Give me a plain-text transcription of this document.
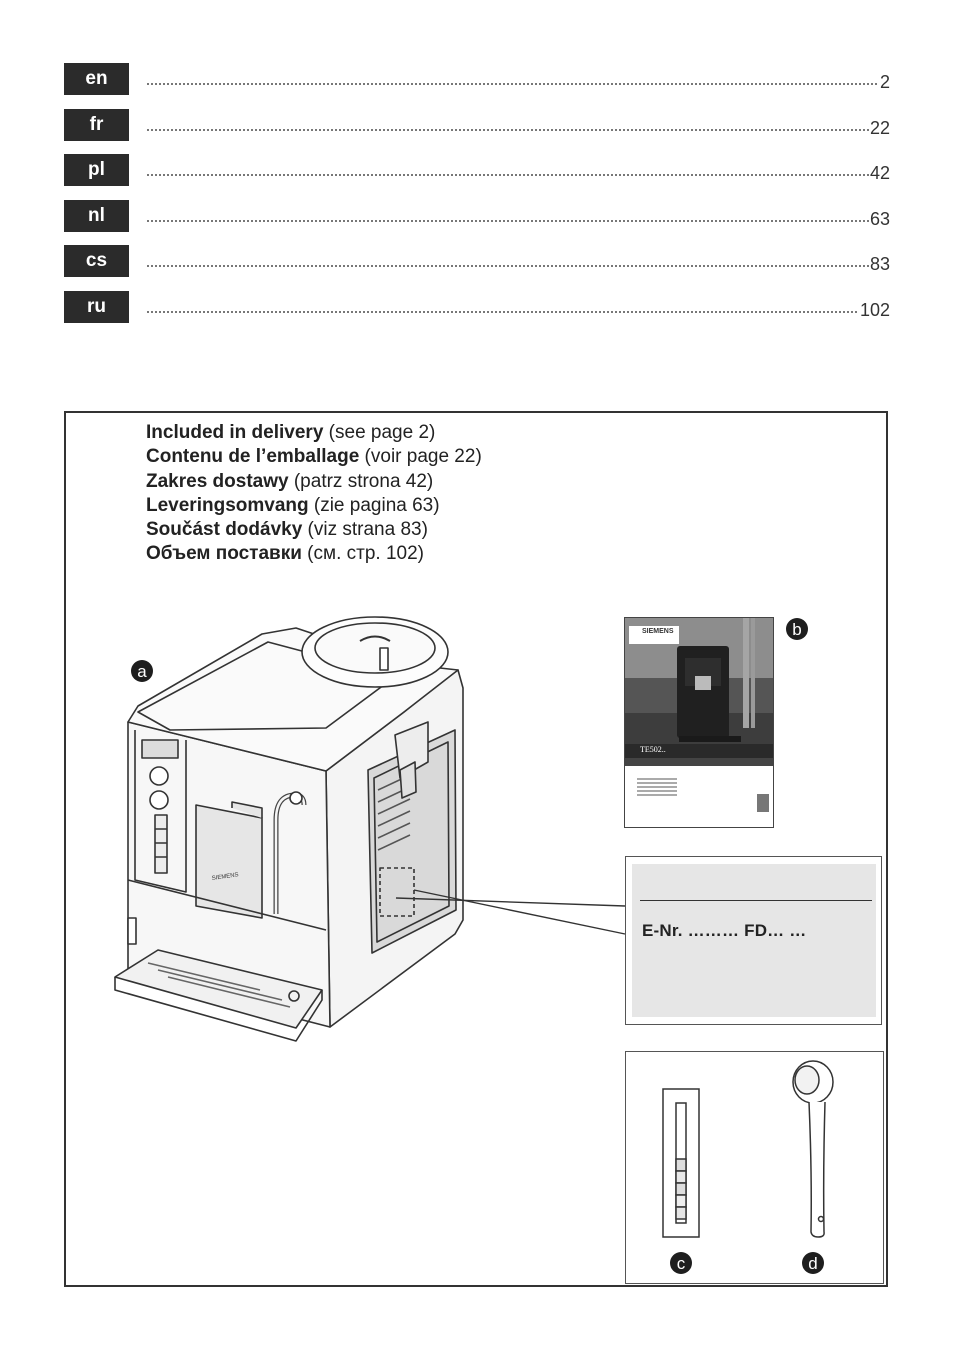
en	2
fr	22
pl	42
nl	63
cs	83
ru	102
Included in delivery (see page 2)
Contenu de l’emballage (voir page 22)
Zakres dostawy (patrz strona 42)
Leveringsomvang (zie pagina 63)
Součást dodávky (viz strana 83)
Объем поставки (см. стр. 102)
SIEMENS
a
b
c	d
SIEMENS
TE502..
E-Nr. ……… FD… …
